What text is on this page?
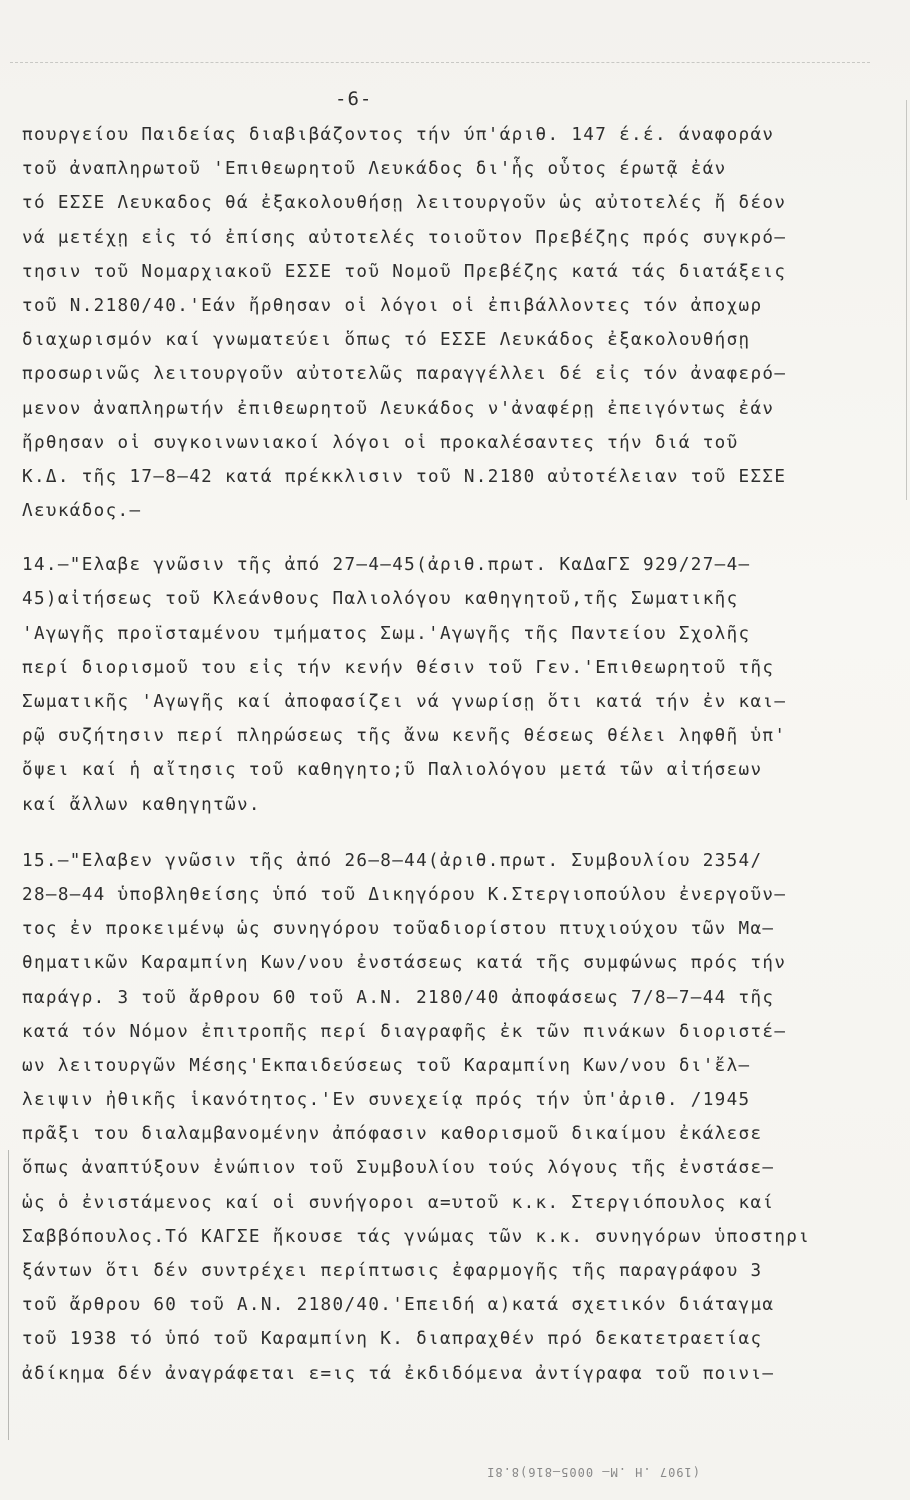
-6-
πουργείου Παιδείας διαβιβάζοντος τήν ύπ'άριθ. 147 έ.έ. άναφοράν
τοῦ ἀναπληρωτοῦ 'Επιθεωρητοῦ Λευκάδος δι'ἧς οὗτος έρωτᾷ ἐάν
τό ΕΣΣΕ Λευκαδος θά ἐξακολουθήσῃ λειτουργοῦν ὡς αὐτοτελές ἤ δέον
νά μετέχῃ εἰς τό ἐπίσης αὐτοτελές τοιοῦτον Πρεβέζης πρός συγκρό–
τησιν τοῦ Νομαρχιακοῦ ΕΣΣΕ τοῦ Νομοῦ Πρεβέζης κατά τάς διατάξεις
τοῦ Ν.2180/40.'Εάν ἤρθησαν οἱ λόγοι οἱ ἐπιβάλλοντες τόν ἀποχωρ
διαχωρισμόν καί γνωματεύει ὅπως τό ΕΣΣΕ Λευκάδος ἐξακολουθήσῃ
προσωρινῶς λειτουργοῦν αὐτοτελῶς παραγγέλλει δέ εἰς τόν ἀναφερό–
μενον ἀναπληρωτήν ἐπιθεωρητοῦ Λευκάδος ν'ἀναφέρῃ ἐπειγόντως ἐάν
ἤρθησαν οἱ συγκοινωνιακοί λόγοι οἱ προκαλέσαντες τήν διά τοῦ
Κ.Δ. τῆς 17–8–42 κατά πρέκκλισιν τοῦ Ν.2180 αὐτοτέλειαν τοῦ ΕΣΣΕ
Λευκάδος.–
14.–"Ελαβε γνῶσιν τῆς ἀπό 27–4–45(ἀριθ.πρωτ. ΚαΔαΓΣ 929/27–4–
45)αἰτήσεως τοῦ Κλεάνθους Παλιολόγου καθηγητοῦ,τῆς Σωματικῆς
'Αγωγῆς προϊσταμένου τμήματος Σωμ.'Αγωγῆς τῆς Παντείου Σχολῆς
περί διορισμοῦ του εἰς τήν κενήν θέσιν τοῦ Γεν.'Επιθεωρητοῦ τῆς
Σωματικῆς 'Αγωγῆς καί ἀποφασίζει νά γνωρίσῃ ὅτι κατά τήν ἐν και–
ρῷ συζήτησιν περί πληρώσεως τῆς ἄνω κενῆς θέσεως θέλει ληφθῆ ὑπ'
ὄψει καί ἡ αἴτησις τοῦ καθηγητο;ῦ Παλιολόγου μετά τῶν αἰτήσεων
καί ἄλλων καθηγητῶν.
15.–"Ελαβεν γνῶσιν τῆς ἀπό 26–8–44(ἀριθ.πρωτ. Συμβουλίου 2354/
28–8–44 ὑποβληθείσης ὑπό τοῦ Δικηγόρου Κ.Στεργιοπούλου ἐνεργοῦν–
τος ἐν προκειμένῳ ὡς συνηγόρου τοῦαδιορίστου πτυχιούχου τῶν Μα–
θηματικῶν Καραμπίνη Κων/νου ἐνστάσεως κατά τῆς συμφώνως πρός τήν
παράγρ. 3 τοῦ ἄρθρου 60 τοῦ Α.Ν. 2180/40 ἀποφάσεως 7/8–7–44 τῆς
κατά τόν Νόμον ἐπιτροπῆς περί διαγραφῆς ἐκ τῶν πινάκων διοριστέ–
ων λειτουργῶν Μέσης'Εκπαιδεύσεως τοῦ Καραμπίνη Κων/νου δι'ἔλ–
λειψιν ἠθικῆς ἱκανότητος.'Εν συνεχείᾳ πρός τήν ὑπ'ἀριθ. /1945
πρᾶξι του διαλαμβανομένην ἀπόφασιν καθορισμοῦ δικαίμου ἐκάλεσε
ὅπως ἀναπτύξουν ἐνώπιον τοῦ Συμβουλίου τούς λόγους τῆς ἐνστάσε–
ὡς ὁ ἐνιστάμενος καί οἱ συνήγοροι α=υτοῦ κ.κ. Στεργιόπουλος καί
Σαββόπουλος.Τό ΚΑΓΣΕ ἤκουσε τάς γνώμας τῶν κ.κ. συνηγόρων ὑποστηρι
ξάντων ὅτι δέν συντρέχει περίπτωσις ἐφαρμογῆς τῆς παραγράφου 3
τοῦ ἄρθρου 60 τοῦ Α.Ν. 2180/40.'Επειδή α)κατά σχετικόν διάταγμα
τοῦ 1938 τό ὑπό τοῦ Καραμπίνη Κ. διαπραχθέν πρό δεκατετραετίας
ἀδίκημα δέν ἀναγράφεται ε=ις τά ἐκδιδόμενα ἀντίγραφα τοῦ ποινι–
(1907 .Η .M– 0005–816)8.8Ι
